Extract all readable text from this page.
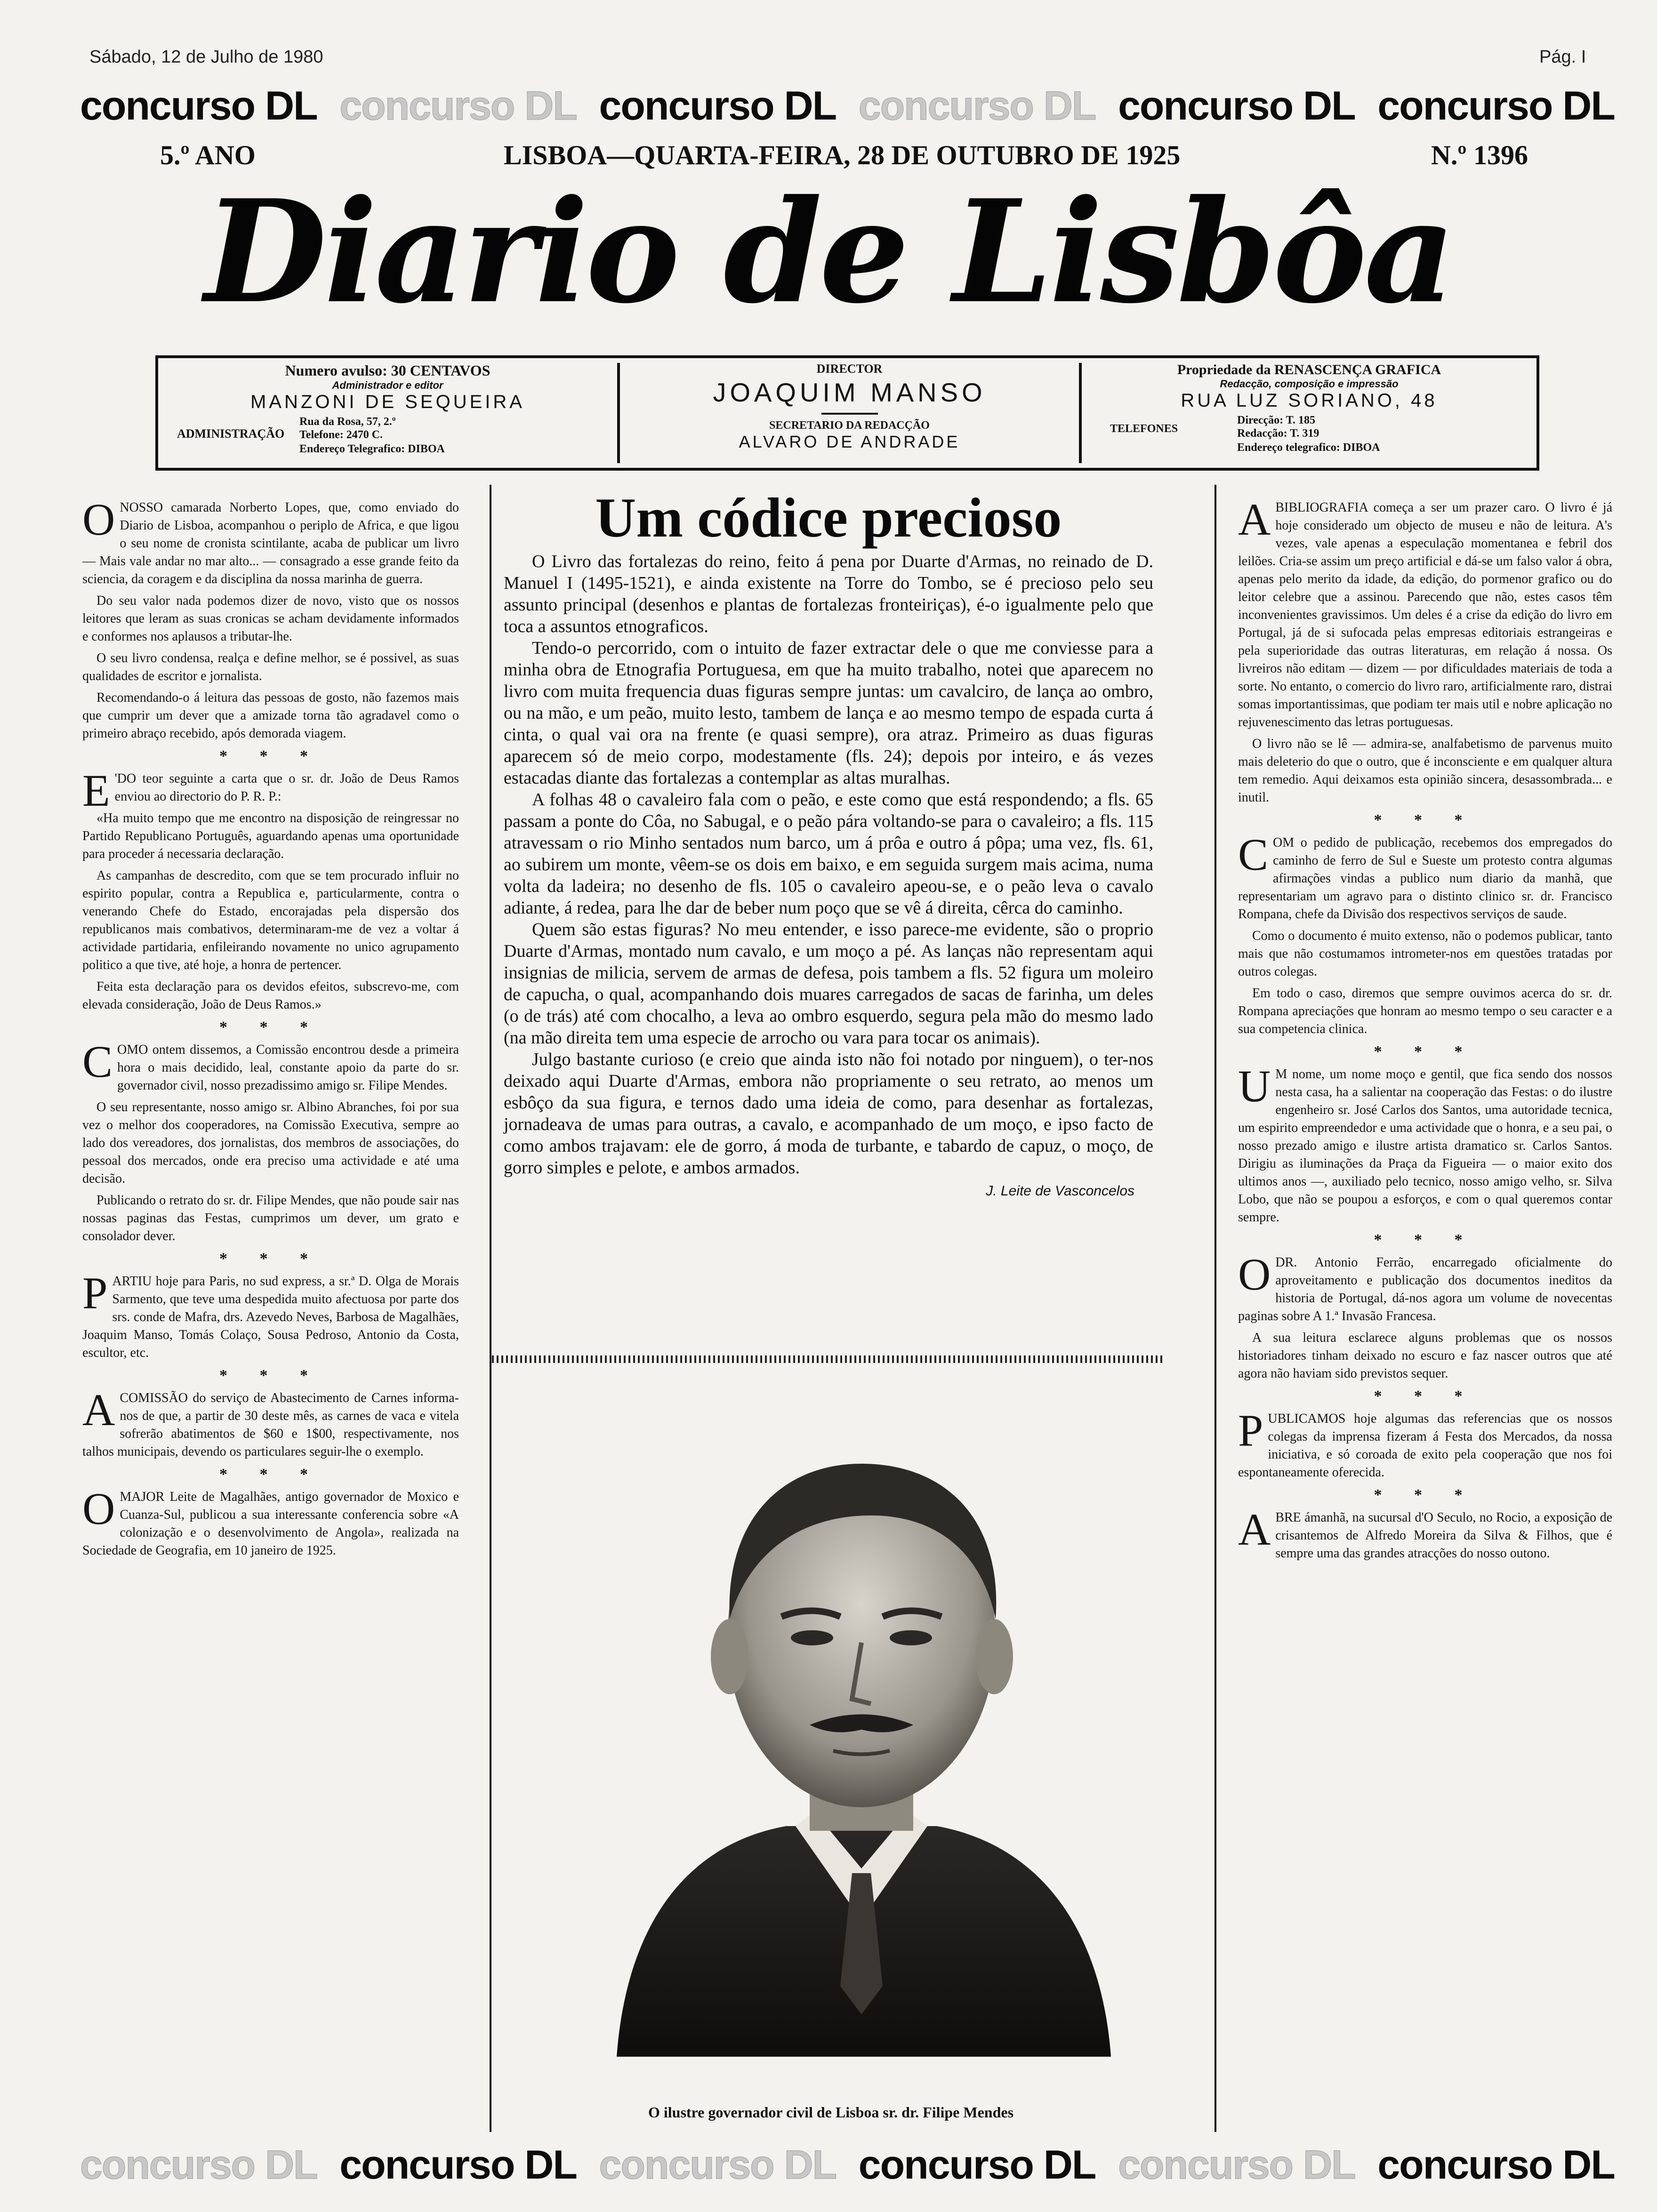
Sábado, 12 de Julho de 1980	Pág. I
concurso DL concurso DL concurso DL concurso DL concurso DL concurso DL
5.º ANO	LISBOA—QUARTA-FEIRA, 28 DE OUTUBRO DE 1925	N.º 1396
Diario de Lisbôa
Numero avulso: 30 CENTAVOS
Administrador e editor
MANZONI DE SEQUEIRA
ADMINISTRAÇÃO
Rua da Rosa, 57, 2.º
Telefone: 2470 C.
Endereço Telegrafico: DIBOA
DIRECTOR
JOAQUIM MANSO
SECRETARIO DA REDACÇÃO
ALVARO DE ANDRADE
Propriedade da RENASCENÇA GRAFICA
Redacção, composição e impressão
RUA LUZ SORIANO, 48
TELEFONES
Direcção: T. 185
Redacção: T. 319
Endereço telegrafico: DIBOA

ONOSSO camarada Norberto Lopes, que, como enviado do Diario de Lisboa, acompanhou o periplo de Africa, e que ligou o seu nome de cronista scintilante, acaba de publicar um livro — Mais vale andar no mar alto... — consagrado a esse grande feito da sciencia, da coragem e da disciplina da nossa marinha de guerra.

Do seu valor nada podemos dizer de novo, visto que os nossos leitores que leram as suas cronicas se acham devidamente informados e conformes nos aplausos a tributar-lhe.

O seu livro condensa, realça e define melhor, se é possivel, as suas qualidades de escritor e jornalista.

Recomendando-o á leitura das pessoas de gosto, não fazemos mais que cumprir um dever que a amizade torna tão agradavel como o primeiro abraço recebido, após demorada viagem.

* * *

E 'DO teor seguinte a carta que o sr. dr. João de Deus Ramos enviou ao directorio do P. R. P.:

«Ha muito tempo que me encontro na disposição de reingressar no Partido Republicano Português, aguardando apenas uma oportunidade para proceder á necessaria declaração.

As campanhas de descredito, com que se tem procurado influir no espirito popular, contra a Republica e, particularmente, contra o venerando Chefe do Estado, encorajadas pela dispersão dos republicanos mais combativos, determinaram-me de vez a voltar á actividade partidaria, enfileirando novamente no unico agrupamento politico a que tive, até hoje, a honra de pertencer.

Feita esta declaração para os devidos efeitos, subscrevo-me, com elevada consideração, João de Deus Ramos.»

* * *

COMO ontem dissemos, a Comissão encontrou desde a primeira hora o mais decidido, leal, constante apoio da parte do sr. governador civil, nosso prezadissimo amigo sr. Filipe Mendes.

O seu representante, nosso amigo sr. Albino Abranches, foi por sua vez o melhor dos cooperadores, na Comissão Executiva, sempre ao lado dos vereadores, dos jornalistas, dos membros de associações, do pessoal dos mercados, onde era preciso uma actividade e até uma decisão.

Publicando o retrato do sr. dr. Filipe Mendes, que não poude sair nas nossas paginas das Festas, cumprimos um dever, um grato e consolador dever.

* * *

PARTIU hoje para Paris, no sud express, a sr.ª D. Olga de Morais Sarmento, que teve uma despedida muito afectuosa por parte dos srs. conde de Mafra, drs. Azevedo Neves, Barbosa de Magalhães, Joaquim Manso, Tomás Colaço, Sousa Pedroso, Antonio da Costa, escultor, etc.

* * *

ACOMISSÃO do serviço de Abastecimento de Carnes informa-nos de que, a partir de 30 deste mês, as carnes de vaca e vitela sofrerão abatimentos de $60 e 1$00, respectivamente, nos talhos municipais, devendo os particulares seguir-lhe o exemplo.

* * *

OMAJOR Leite de Magalhães, antigo governador de Moxico e Cuanza-Sul, publicou a sua interessante conferencia sobre «A colonização e o desenvolvimento de Angola», realizada na Sociedade de Geografia, em 10 janeiro de 1925.

Um códice precioso

O Livro das fortalezas do reino, feito á pena por Duarte d'Armas, no reinado de D. Manuel I (1495-1521), e ainda existente na Torre do Tombo, se é precioso pelo seu assunto principal (desenhos e plantas de fortalezas fronteiriças), é-o igualmente pelo que toca a assuntos etnograficos.

Tendo-o percorrido, com o intuito de fazer extractar dele o que me conviesse para a minha obra de Etnografia Portuguesa, em que ha muito trabalho, notei que aparecem no livro com muita frequencia duas figuras sempre juntas: um cavalciro, de lança ao ombro, ou na mão, e um peão, muito lesto, tambem de lança e ao mesmo tempo de espada curta á cinta, o qual vai ora na frente (e quasi sempre), ora atraz. Primeiro as duas figuras aparecem só de meio corpo, modestamente (fls. 24); depois por inteiro, e ás vezes estacadas diante das fortalezas a contemplar as altas muralhas.

A folhas 48 o cavaleiro fala com o peão, e este como que está respondendo; a fls. 65 passam a ponte do Côa, no Sabugal, e o peão pára voltando-se para o cavaleiro; a fls. 115 atravessam o rio Minho sentados num barco, um á prôa e outro á pôpa; uma vez, fls. 61, ao subirem um monte, vêem-se os dois em baixo, e em seguida surgem mais acima, numa volta da ladeira; no desenho de fls. 105 o cavaleiro apeou-se, e o peão leva o cavalo adiante, á redea, para lhe dar de beber num poço que se vê á direita, cêrca do caminho.

Quem são estas figuras? No meu entender, e isso parece-me evidente, são o proprio Duarte d'Armas, montado num cavalo, e um moço a pé. As lanças não representam aqui insignias de milicia, servem de armas de defesa, pois tambem a fls. 52 figura um moleiro de capucha, o qual, acompanhando dois muares carregados de sacas de farinha, um deles (o de trás) até com chocalho, a leva ao ombro esquerdo, segura pela mão do mesmo lado (na mão direita tem uma especie de arrocho ou vara para tocar os animais).

Julgo bastante curioso (e creio que ainda isto não foi notado por ninguem), o ter-nos deixado aqui Duarte d'Armas, embora não propriamente o seu retrato, ao menos um esbôço da sua figura, e ternos dado uma ideia de como, para desenhar as fortalezas, jornadeava de umas para outras, a cavalo, e acompanhado de um moço, e ipso facto de como ambos trajavam: ele de gorro, á moda de turbante, e tabardo de capuz, o moço, de gorro simples e pelote, e ambos armados.

J. Leite de Vasconcelos
O ilustre governador civil de Lisboa sr. dr. Filipe Mendes

ABIBLIOGRAFIA começa a ser um prazer caro. O livro é já hoje considerado um objecto de museu e não de leitura. A's vezes, vale apenas a especulação momentanea e febril dos leilões. Cria-se assim um preço artificial e dá-se um falso valor á obra, apenas pelo merito da idade, da edição, do pormenor grafico ou do leitor celebre que a assinou. Parecendo que não, estes casos têm inconvenientes gravissimos. Um deles é a crise da edição do livro em Portugal, já de si sufocada pelas empresas editoriais estrangeiras e pela superioridade das outras literaturas, em relação á nossa. Os livreiros não editam — dizem — por dificuldades materiais de toda a sorte. No entanto, o comercio do livro raro, artificialmente raro, distrai somas importantissimas, que podiam ter mais util e nobre aplicação no rejuvenescimento das letras portuguesas.

O livro não se lê — admira-se, analfabetismo de parvenus muito mais deleterio do que o outro, que é inconsciente e em qualquer altura tem remedio. Aqui deixamos esta opinião sincera, desassombrada... e inutil.

* * *

COM o pedido de publicação, recebemos dos empregados do caminho de ferro de Sul e Sueste um protesto contra algumas afirmações vindas a publico num diario da manhã, que representariam um agravo para o distinto clinico sr. dr. Francisco Rompana, chefe da Divisão dos respectivos serviços de saude.

Como o documento é muito extenso, não o podemos publicar, tanto mais que não costumamos intrometer-nos em questões tratadas por outros colegas.

Em todo o caso, diremos que sempre ouvimos acerca do sr. dr. Rompana apreciações que honram ao mesmo tempo o seu caracter e a sua competencia clinica.

* * *

U M nome, um nome moço e gentil, que fica sendo dos nossos nesta casa, ha a salientar na cooperação das Festas: o do ilustre engenheiro sr. José Carlos dos Santos, uma autoridade tecnica, um espirito empreendedor e uma actividade que o honra, e a seu pai, o nosso prezado amigo e ilustre artista dramatico sr. Carlos Santos. Dirigiu as iluminações da Praça da Figueira — o maior exito dos ultimos anos —, auxiliado pelo tecnico, nosso amigo velho, sr. Silva Lobo, que não se poupou a esforços, e com o qual queremos contar sempre.

* * *

ODR. Antonio Ferrão, encarregado oficialmente do aproveitamento e publicação dos documentos ineditos da historia de Portugal, dá-nos agora um volume de novecentas paginas sobre A 1.ª Invasão Francesa.

A sua leitura esclarece alguns problemas que os nossos historiadores tinham deixado no escuro e faz nascer outros que até agora não haviam sido previstos sequer.

* * *

PUBLICAMOS hoje algumas das referencias que os nossos colegas da imprensa fizeram á Festa dos Mercados, da nossa iniciativa, e só coroada de exito pela cooperação que nos foi espontaneamente oferecida.

* * *

ABRE ámanhã, na sucursal d'O Seculo, no Rocio, a exposição de crisantemos de Alfredo Moreira da Silva & Filhos, que é sempre uma das grandes atracções do nosso outono.

concurso DL concurso DL concurso DL concurso DL concurso DL concurso DL
